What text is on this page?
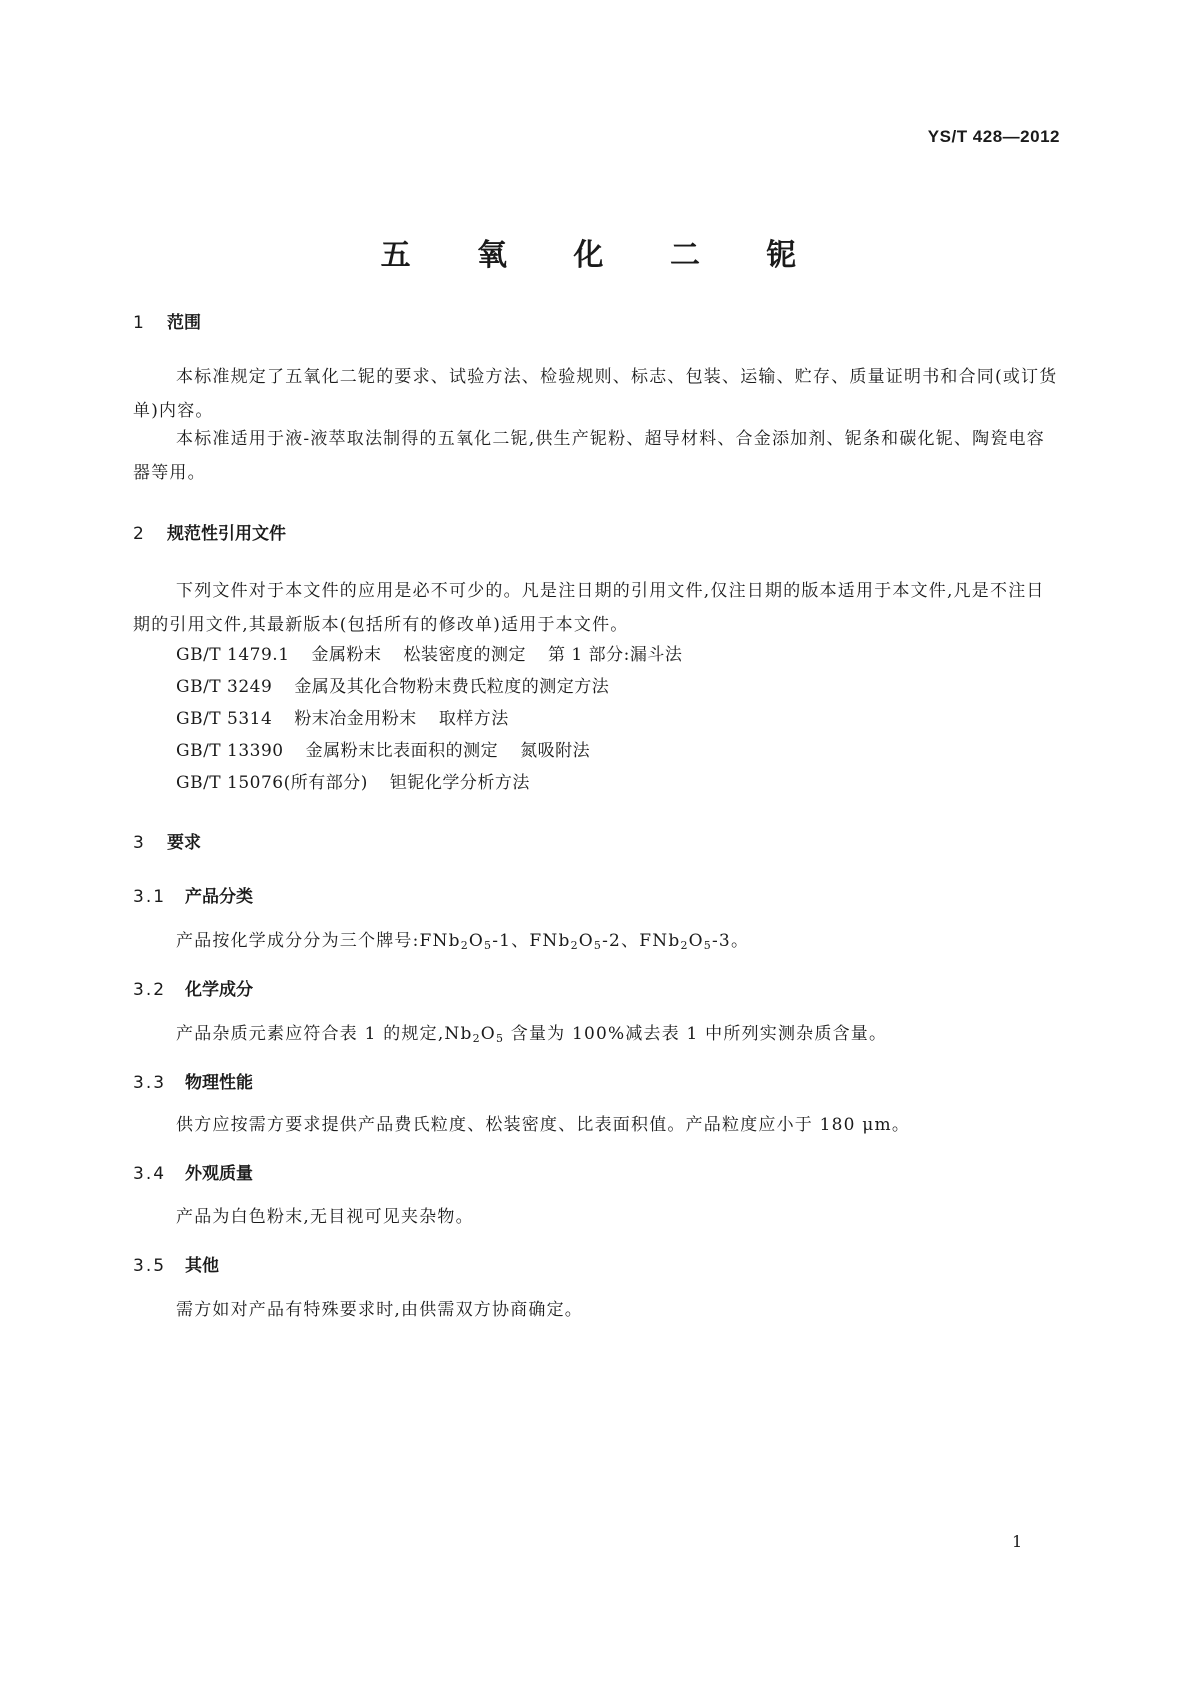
YS/T 428—2012
五 氧 化 二 铌
1 范围
本标准规定了五氧化二铌的要求、试验方法、检验规则、标志、包装、运输、贮存、质量证明书和合同(或订货单)内容。
本标准适用于液-液萃取法制得的五氧化二铌,供生产铌粉、超导材料、合金添加剂、铌条和碳化铌、陶瓷电容器等用。
2 规范性引用文件
下列文件对于本文件的应用是必不可少的。凡是注日期的引用文件,仅注日期的版本适用于本文件,凡是不注日期的引用文件,其最新版本(包括所有的修改单)适用于本文件。
GB/T 1479.1 金属粉末 松装密度的测定 第 1 部分:漏斗法
GB/T 3249 金属及其化合物粉末费氏粒度的测定方法
GB/T 5314 粉末冶金用粉末 取样方法
GB/T 13390 金属粉末比表面积的测定 氮吸附法
GB/T 15076(所有部分) 钽铌化学分析方法
3 要求
3.1 产品分类
产品按化学成分分为三个牌号$:FNb_2O_5-1$、$FNb_2O_5-2$、$FNb_2O_5-3$。
3.2 化学成分
产品杂质元素应符合表 1 的规定$,Nb_2O_5$ 含量为 100%减去表 1 中所列实测杂质含量。
3.3 物理性能
供方应按需方要求提供产品费氏粒度、松装密度、比表面积值。产品粒度应小于 180 μm。
3.4 外观质量
产品为白色粉末,无目视可见夹杂物。
3.5 其他
需方如对产品有特殊要求时,由供需双方协商确定。
1
